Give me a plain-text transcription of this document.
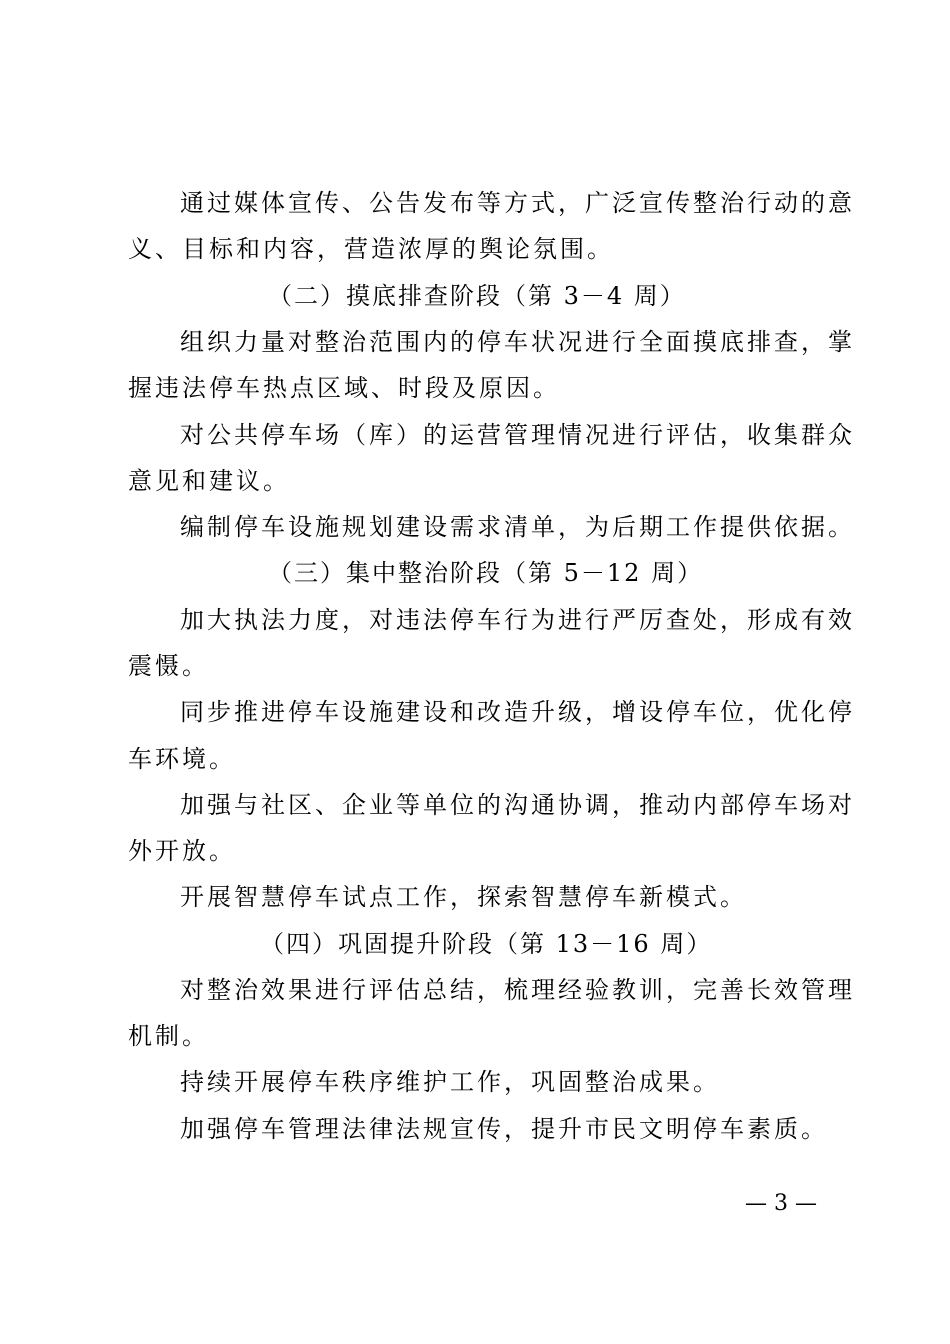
通过媒体宣传、公告发布等方式，广泛宣传整治行动的意
义、目标和内容，营造浓厚的舆论氛围。
（二）摸底排查阶段（第 3－4 周）
组织力量对整治范围内的停车状况进行全面摸底排查，掌
握违法停车热点区域、时段及原因。
对公共停车场（库）的运营管理情况进行评估，收集群众
意见和建议。
编制停车设施规划建设需求清单，为后期工作提供依据。
（三）集中整治阶段（第 5－12 周）
加大执法力度，对违法停车行为进行严厉查处，形成有效
震慑。
同步推进停车设施建设和改造升级，增设停车位，优化停
车环境。
加强与社区、企业等单位的沟通协调，推动内部停车场对
外开放。
开展智慧停车试点工作，探索智慧停车新模式。
（四）巩固提升阶段（第 13－16 周）
对整治效果进行评估总结，梳理经验教训，完善长效管理
机制。
持续开展停车秩序维护工作，巩固整治成果。
加强停车管理法律法规宣传，提升市民文明停车素质。
— 3 —
